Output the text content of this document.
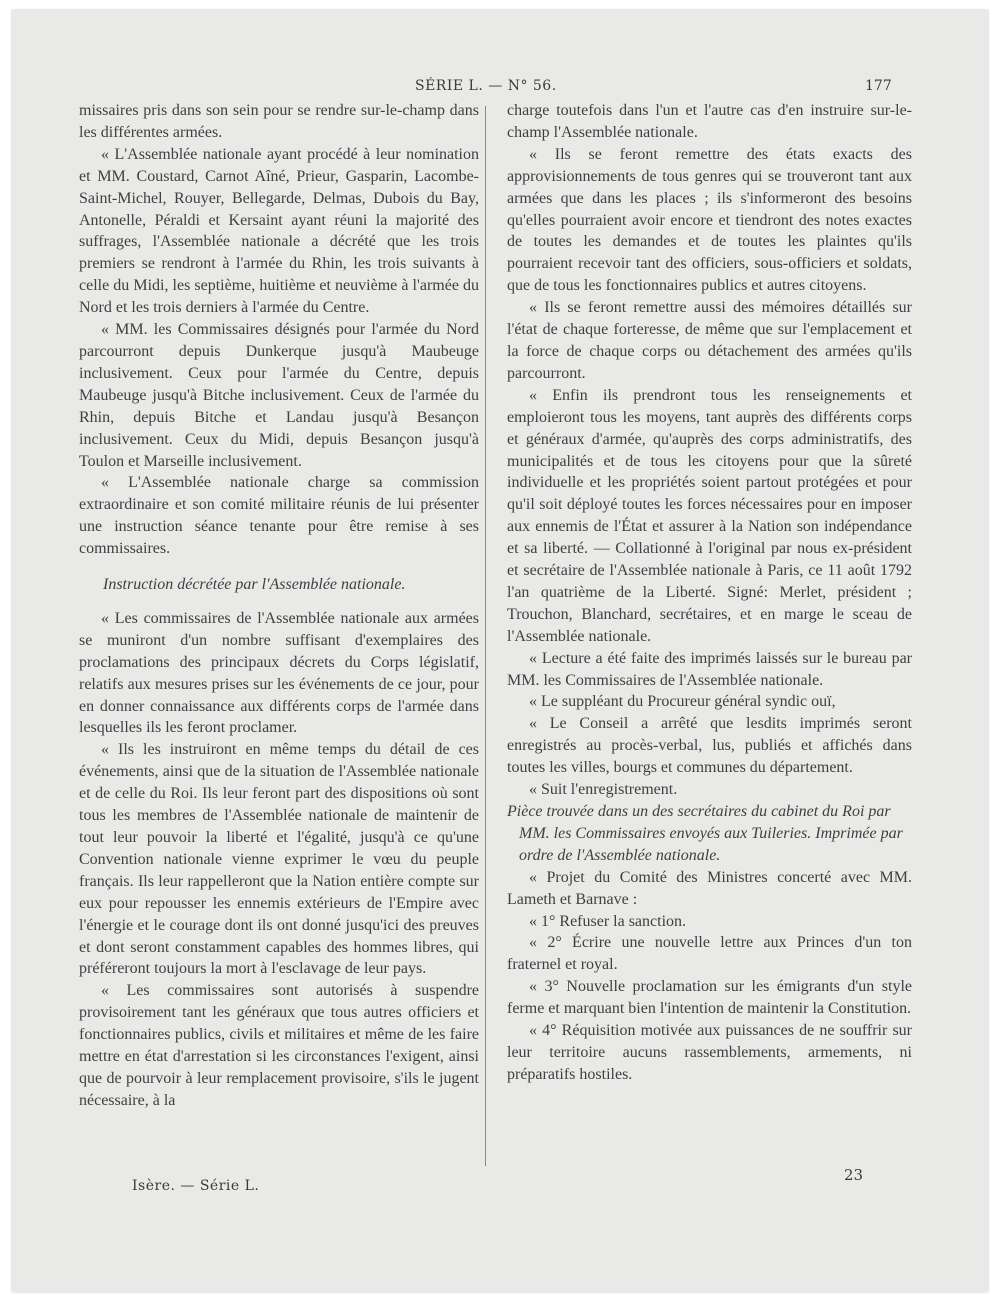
SÉRIE L. — N° 56.	177

missaires pris dans son sein pour se rendre sur-le-champ dans les différentes armées.

« L'Assemblée nationale ayant procédé à leur nomination et MM. Coustard, Carnot Aîné, Prieur, Gasparin, Lacombe-Saint-Michel, Rouyer, Bellegarde, Delmas, Dubois du Bay, Antonelle, Péraldi et Kersaint ayant réuni la majorité des suffrages, l'Assemblée nationale a décrété que les trois premiers se rendront à l'armée du Rhin, les trois suivants à celle du Midi, les septième, huitième et neuvième à l'armée du Nord et les trois derniers à l'armée du Centre.

« MM. les Commissaires désignés pour l'armée du Nord parcourront depuis Dunkerque jusqu'à Maubeuge inclusivement. Ceux pour l'armée du Centre, depuis Maubeuge jusqu'à Bitche inclusivement. Ceux de l'armée du Rhin, depuis Bitche et Landau jusqu'à Besançon inclusivement. Ceux du Midi, depuis Besançon jusqu'à Toulon et Marseille inclusivement.

« L'Assemblée nationale charge sa commission extraordinaire et son comité militaire réunis de lui présenter une instruction séance tenante pour être remise à ses commissaires.

Instruction décrétée par l'Assemblée nationale.

« Les commissaires de l'Assemblée nationale aux armées se muniront d'un nombre suffisant d'exemplaires des proclamations des principaux décrets du Corps législatif, relatifs aux mesures prises sur les événements de ce jour, pour en donner connaissance aux différents corps de l'armée dans lesquelles ils les feront proclamer.

« Ils les instruiront en même temps du détail de ces événements, ainsi que de la situation de l'Assemblée nationale et de celle du Roi. Ils leur feront part des dispositions où sont tous les membres de l'Assemblée nationale de maintenir de tout leur pouvoir la liberté et l'égalité, jusqu'à ce qu'une Convention nationale vienne exprimer le vœu du peuple français. Ils leur rappelleront que la Nation entière compte sur eux pour repousser les ennemis extérieurs de l'Empire avec l'énergie et le courage dont ils ont donné jusqu'ici des preuves et dont seront constamment capables des hommes libres, qui préféreront toujours la mort à l'esclavage de leur pays.

« Les commissaires sont autorisés à suspendre provisoirement tant les généraux que tous autres officiers et fonctionnaires publics, civils et militaires et même de les faire mettre en état d'arrestation si les circonstances l'exigent, ainsi que de pourvoir à leur remplacement provisoire, s'ils le jugent nécessaire, à la

charge toutefois dans l'un et l'autre cas d'en instruire sur-le-champ l'Assemblée nationale.

« Ils se feront remettre des états exacts des approvisionnements de tous genres qui se trouveront tant aux armées que dans les places ; ils s'informeront des besoins qu'elles pourraient avoir encore et tiendront des notes exactes de toutes les demandes et de toutes les plaintes qu'ils pourraient recevoir tant des officiers, sous-officiers et soldats, que de tous les fonctionnaires publics et autres citoyens.

« Ils se feront remettre aussi des mémoires détaillés sur l'état de chaque forteresse, de même que sur l'emplacement et la force de chaque corps ou détachement des armées qu'ils parcourront.

« Enfin ils prendront tous les renseignements et emploieront tous les moyens, tant auprès des différents corps et généraux d'armée, qu'auprès des corps administratifs, des municipalités et de tous les citoyens pour que la sûreté individuelle et les propriétés soient partout protégées et pour qu'il soit déployé toutes les forces nécessaires pour en imposer aux ennemis de l'État et assurer à la Nation son indépendance et sa liberté. — Collationné à l'original par nous ex-président et secrétaire de l'Assemblée nationale à Paris, ce 11 août 1792 l'an quatrième de la Liberté. Signé: Merlet, président ; Trouchon, Blanchard, secrétaires, et en marge le sceau de l'Assemblée nationale.

« Lecture a été faite des imprimés laissés sur le bureau par MM. les Commissaires de l'Assemblée nationale.

« Le suppléant du Procureur général syndic ouï,

« Le Conseil a arrêté que lesdits imprimés seront enregistrés au procès-verbal, lus, publiés et affichés dans toutes les villes, bourgs et communes du département.

« Suit l'enregistrement.

Pièce trouvée dans un des secrétaires du cabinet du Roi par MM. les Commissaires envoyés aux Tuileries. Imprimée par ordre de l'Assemblée nationale.

« Projet du Comité des Ministres concerté avec MM. Lameth et Barnave :

« 1° Refuser la sanction.

« 2° Écrire une nouvelle lettre aux Princes d'un ton fraternel et royal.

« 3° Nouvelle proclamation sur les émigrants d'un style ferme et marquant bien l'intention de maintenir la Constitution.

« 4° Réquisition motivée aux puissances de ne souffrir sur leur territoire aucuns rassemblements, armements, ni préparatifs hostiles.

Isère. — Série L.
23
